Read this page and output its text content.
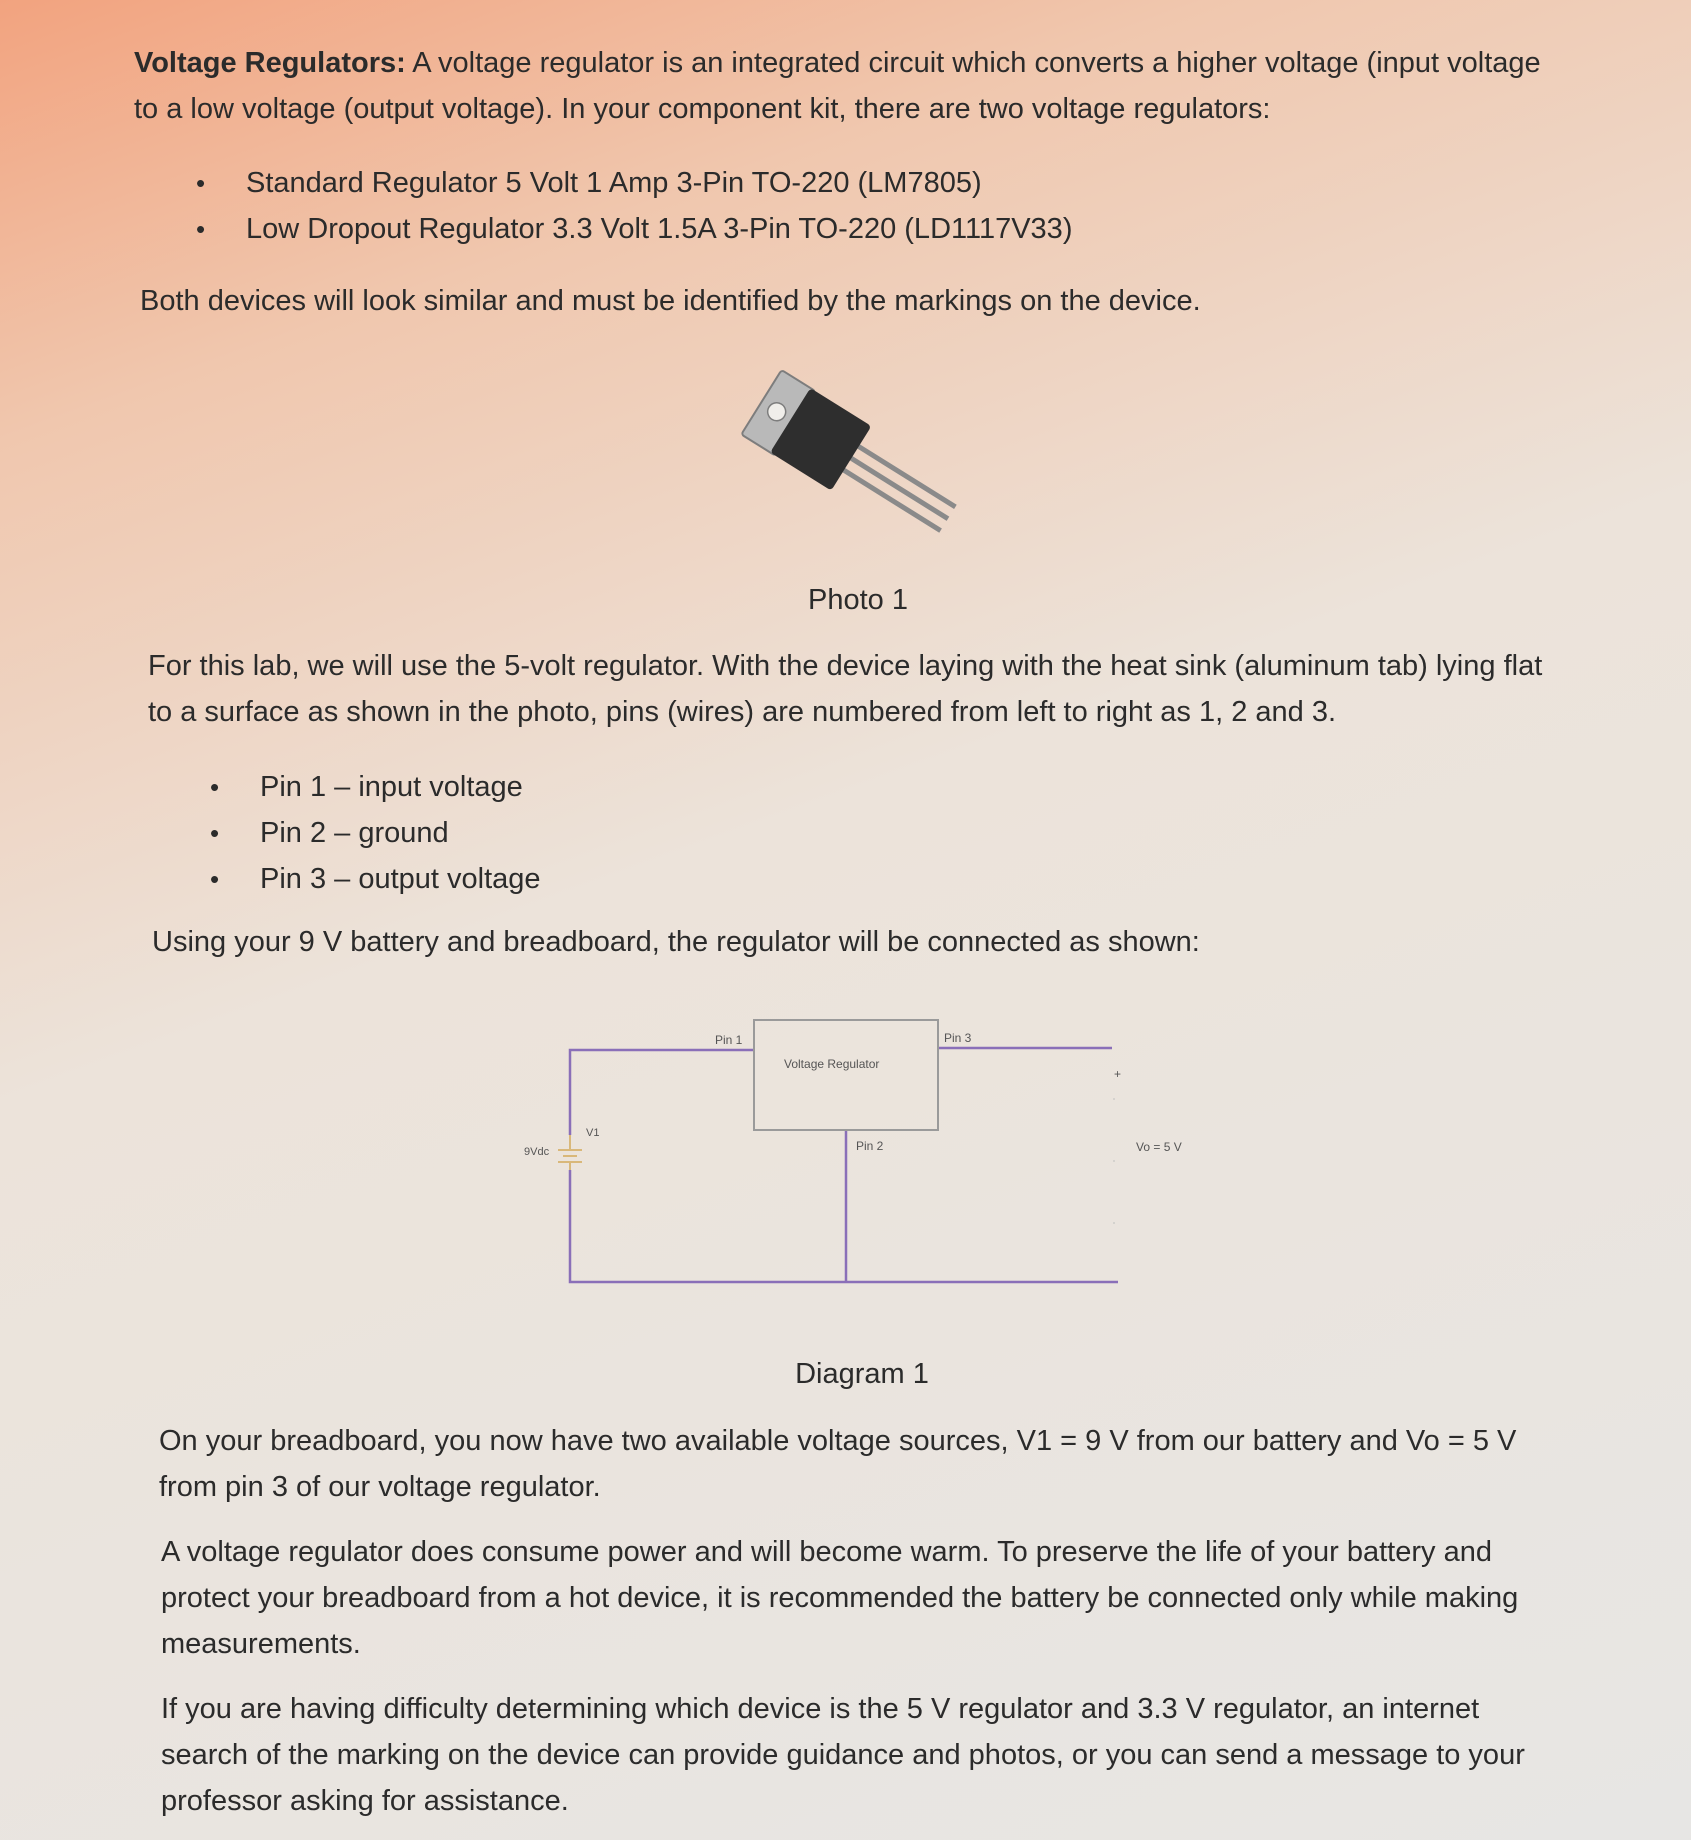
Voltage Regulators: A voltage regulator is an integrated circuit which converts a higher voltage (input voltage to a low voltage (output voltage). In your component kit, there are two voltage regulators:

• Standard Regulator 5 Volt 1 Amp 3-Pin TO-220 (LM7805)
• Low Dropout Regulator 3.3 Volt 1.5A 3-Pin TO-220 (LD1117V33)

Both devices will look similar and must be identified by the markings on the device.

Photo 1

For this lab, we will use the 5-volt regulator. With the device laying with the heat sink (aluminum tab) lying flat to a surface as shown in the photo, pins (wires) are numbered from left to right as 1, 2 and 3.

• Pin 1 – input voltage
• Pin 2 – ground
• Pin 3 – output voltage

Using your 9 V battery and breadboard, the regulator will be connected as shown:

Pin 1	Pin 3
Voltage Regulator
Pin 2
9Vdc
V1
Vo = 5 V
+
Diagram 1

On your breadboard, you now have two available voltage sources, V1 = 9 V from our battery and Vo = 5 V from pin 3 of our voltage regulator.

A voltage regulator does consume power and will become warm. To preserve the life of your battery and protect your breadboard from a hot device, it is recommended the battery be connected only while making measurements.

If you are having difficulty determining which device is the 5 V regulator and 3.3 V regulator, an internet search of the marking on the device can provide guidance and photos, or you can send a message to your professor asking for assistance.
